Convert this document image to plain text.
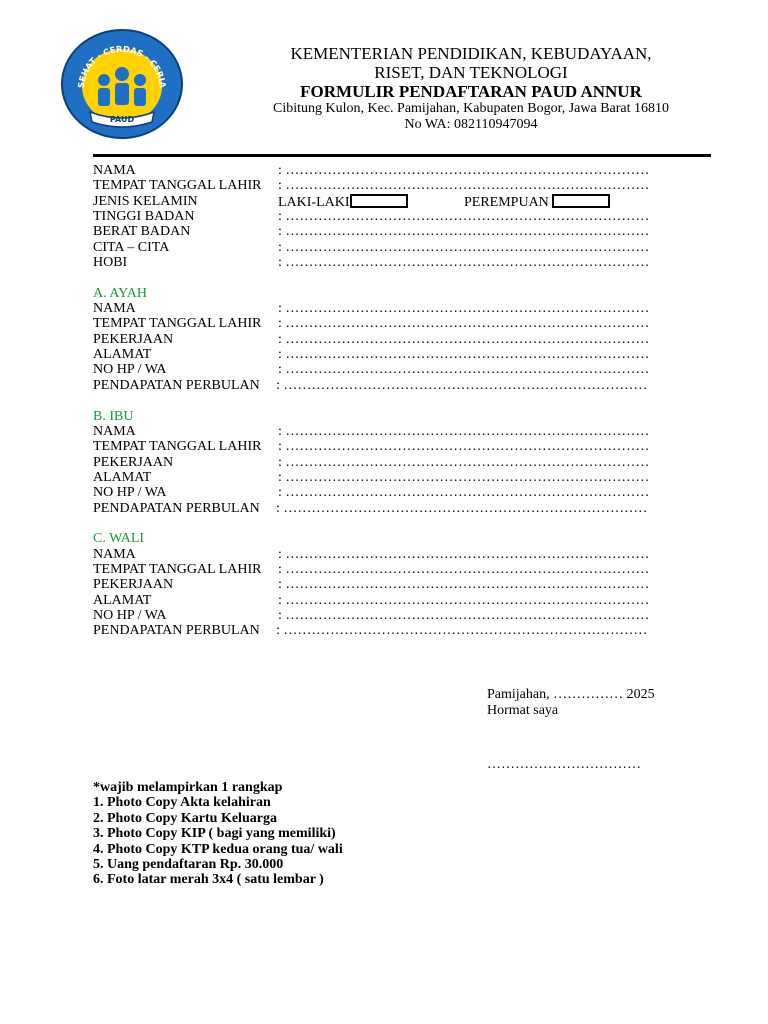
SEHAT · CERDAS · CERIA
PAUD
KEMENTERIAN PENDIDIKAN, KEBUDAYAAN,
RISET, DAN TEKNOLOGI
FORMULIR PENDAFTARAN PAUD ANNUR
Cibitung Kulon, Kec. Pamijahan, Kabupaten Bogor, Jawa Barat 16810
No WA: 082110947094
NAMA	: ……………………………………………………………………
TEMPAT TANGGAL LAHIR : ……………………………………………………………………
JENIS KELAMIN	LAKI-LAKI	PEREMPUAN
TINGGI BADAN	: ……………………………………………………………………
BERAT BADAN	: ……………………………………………………………………
CITA – CITA	: ……………………………………………………………………
HOBI	: ……………………………………………………………………
A. AYAH
NAMA	: ……………………………………………………………………
TEMPAT TANGGAL LAHIR : ……………………………………………………………………
PEKERJAAN	: ……………………………………………………………………
ALAMAT	: ……………………………………………………………………
NO HP / WA	: ……………………………………………………………………
PENDAPATAN PERBULAN : ……………………………………………………………………
B. IBU
NAMA	: ……………………………………………………………………
TEMPAT TANGGAL LAHIR : ……………………………………………………………………
PEKERJAAN	: ……………………………………………………………………
ALAMAT	: ……………………………………………………………………
NO HP / WA	: ……………………………………………………………………
PENDAPATAN PERBULAN : ……………………………………………………………………
C. WALI
NAMA	: ……………………………………………………………………
TEMPAT TANGGAL LAHIR : ……………………………………………………………………
PEKERJAAN	: ……………………………………………………………………
ALAMAT	: ……………………………………………………………………
NO HP / WA	: ……………………………………………………………………
PENDAPATAN PERBULAN : ……………………………………………………………………
Pamijahan, …………… 2025
Hormat saya
……………………………
*wajib melampirkan 1 rangkap
1. Photo Copy Akta kelahiran
2. Photo Copy Kartu Keluarga
3. Photo Copy KIP ( bagi yang memiliki)
4. Photo Copy KTP kedua orang tua/ wali
5. Uang pendaftaran Rp. 30.000
6. Foto latar merah 3x4 ( satu lembar )
